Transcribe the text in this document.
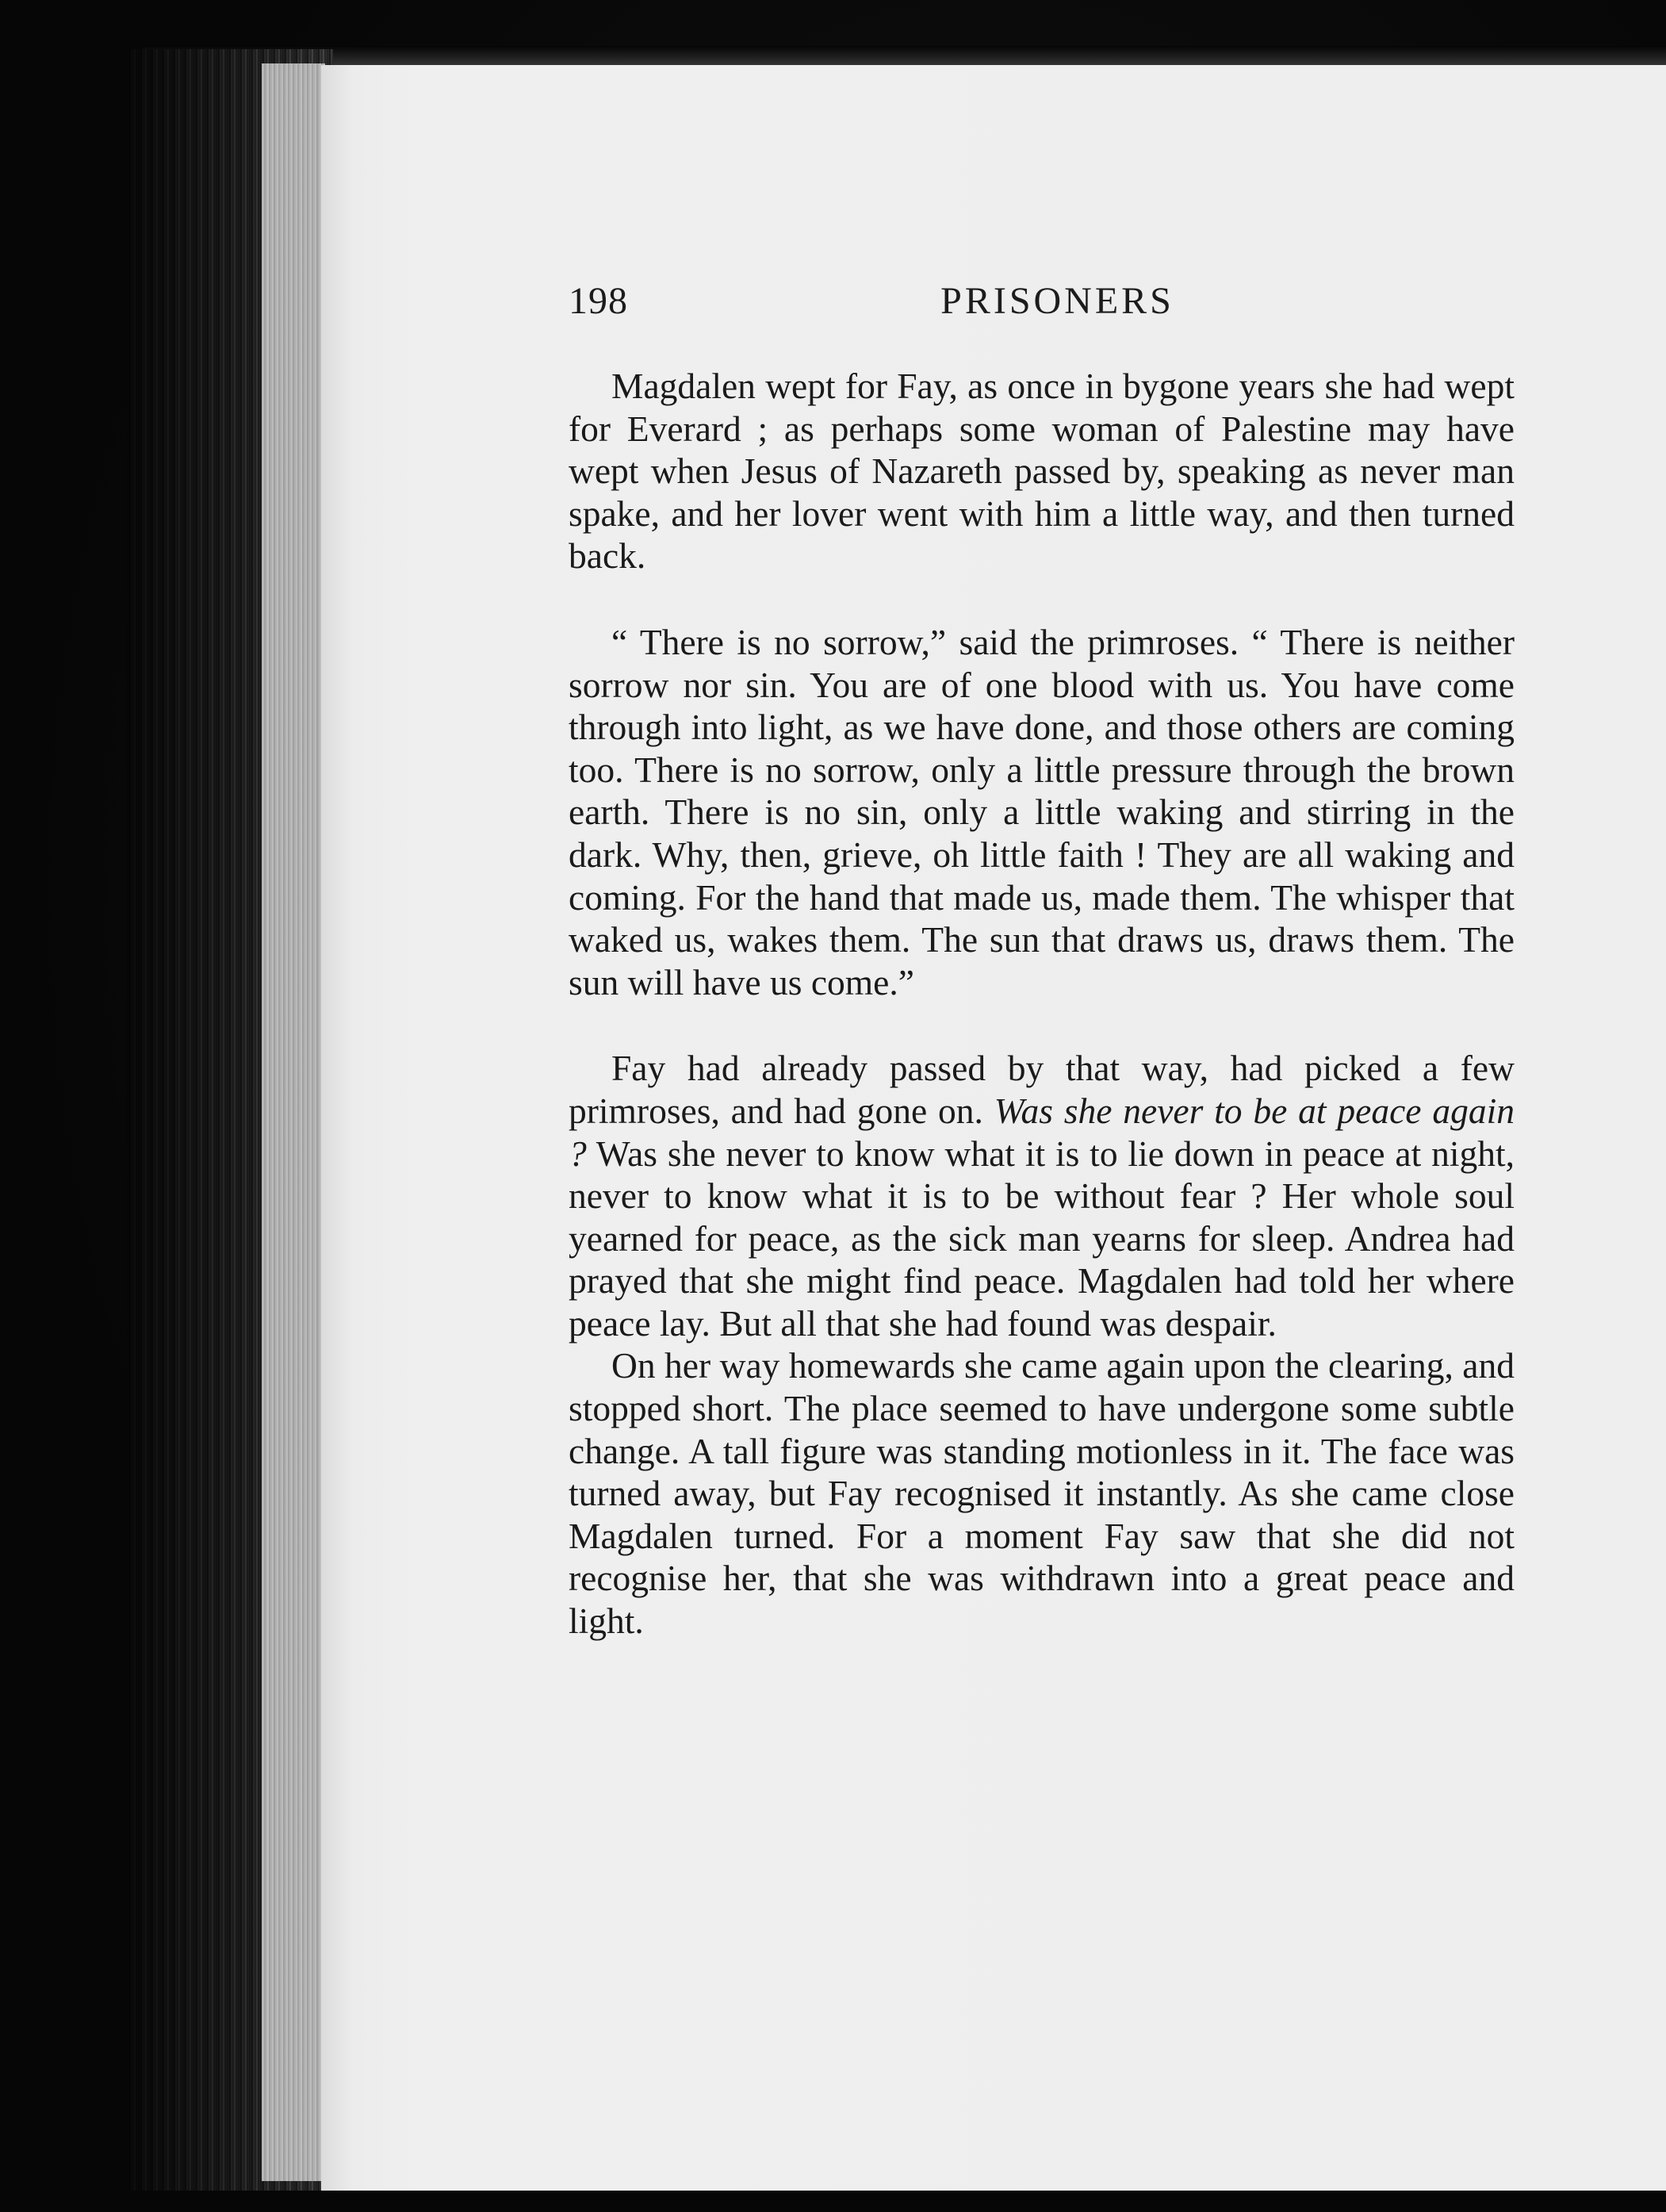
198	PRISONERS

Magdalen wept for Fay, as once in bygone years she had wept for Everard ; as perhaps some woman of Palestine may have wept when Jesus of Nazareth passed by, speaking as never man spake, and her lover went with him a little way, and then turned back.

“ There is no sorrow,” said the primroses. “ There is neither sorrow nor sin. You are of one blood with us. You have come through into light, as we have done, and those others are coming too. There is no sorrow, only a little pressure through the brown earth. There is no sin, only a little waking and stirring in the dark. Why, then, grieve, oh little faith ! They are all waking and coming. For the hand that made us, made them. The whisper that waked us, wakes them. The sun that draws us, draws them. The sun will have us come.”

Fay had already passed by that way, had picked a few primroses, and had gone on. Was she never to be at peace again ? Was she never to know what it is to lie down in peace at night, never to know what it is to be without fear ? Her whole soul yearned for peace, as the sick man yearns for sleep. Andrea had prayed that she might find peace. Magdalen had told her where peace lay. But all that she had found was despair.

On her way homewards she came again upon the clearing, and stopped short. The place seemed to have undergone some subtle change. A tall figure was standing motionless in it. The face was turned away, but Fay recognised it instantly. As she came close Magdalen turned. For a moment Fay saw that she did not recognise her, that she was withdrawn into a great peace and light.
